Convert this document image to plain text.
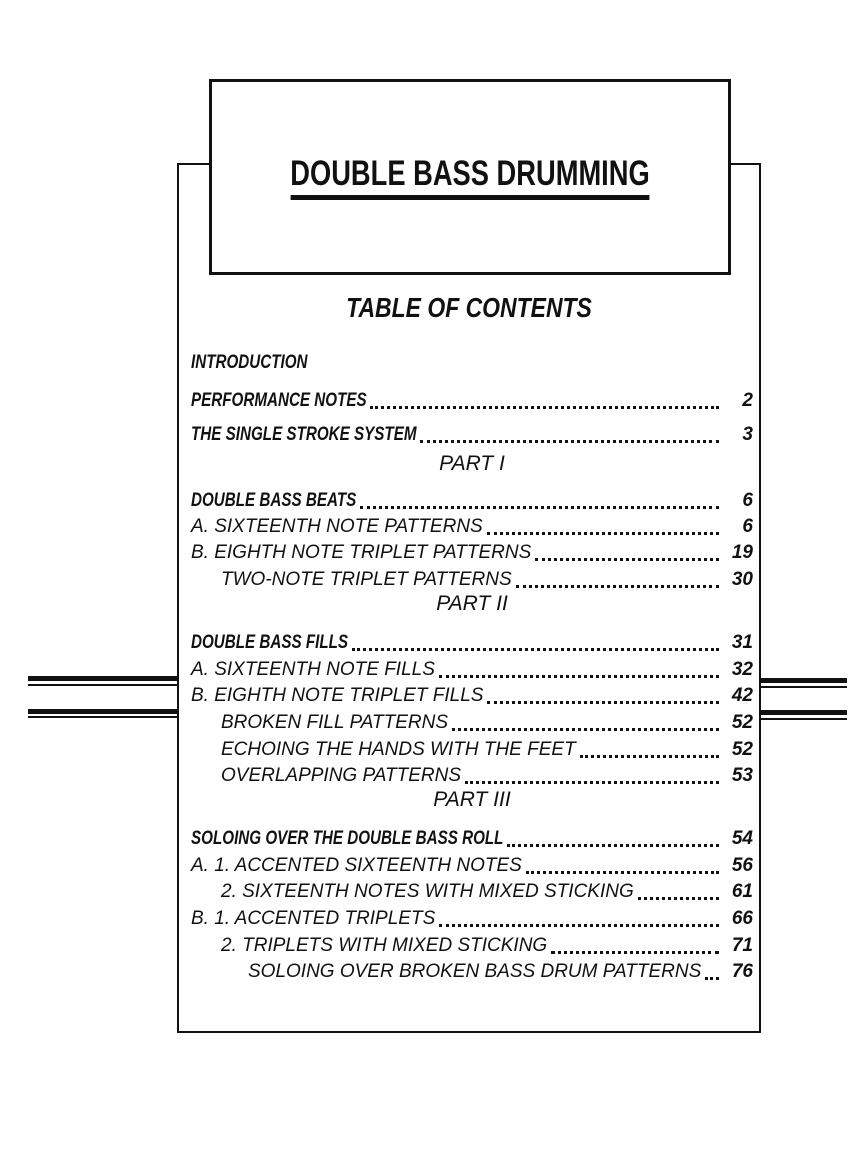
DOUBLE BASS DRUMMING
TABLE OF CONTENTS
INTRODUCTION
PERFORMANCE NOTES	2
THE SINGLE STROKE SYSTEM	3
PART I
DOUBLE BASS BEATS	6
A. SIXTEENTH NOTE PATTERNS	6
B. EIGHTH NOTE TRIPLET PATTERNS	19
TWO-NOTE TRIPLET PATTERNS	30
PART II
DOUBLE BASS FILLS	31
A. SIXTEENTH NOTE FILLS	32
B. EIGHTH NOTE TRIPLET FILLS	42
BROKEN FILL PATTERNS	52
ECHOING THE HANDS WITH THE FEET	52
OVERLAPPING PATTERNS	53
PART III
SOLOING OVER THE DOUBLE BASS ROLL	54
A. 1. ACCENTED SIXTEENTH NOTES	56
2. SIXTEENTH NOTES WITH MIXED STICKING	61
B. 1. ACCENTED TRIPLETS	66
2. TRIPLETS WITH MIXED STICKING	71
SOLOING OVER BROKEN BASS DRUM PATTERNS 76
